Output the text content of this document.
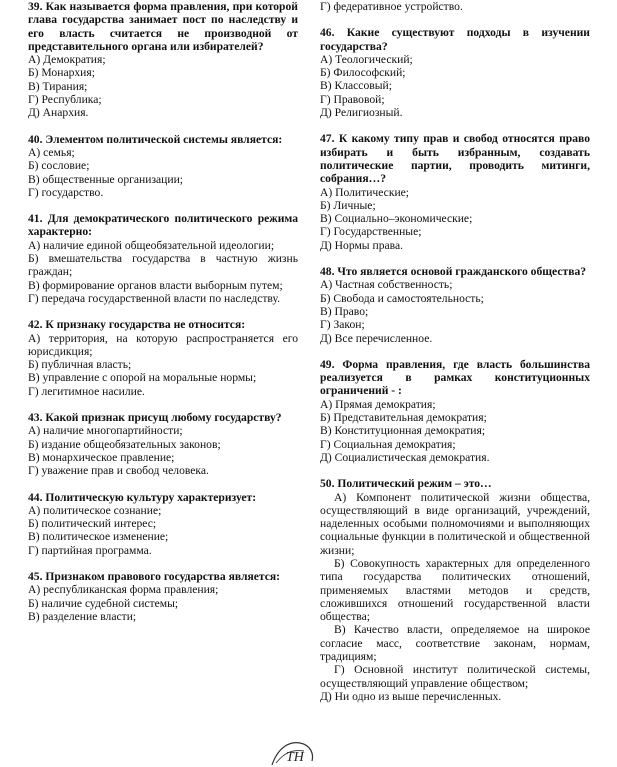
39. Как называется форма правления, при которой глава государства занимает пост по наследству и его власть считается не производной от представительного органа или избирателей?

А) Демократия;

Б) Монархия;

В) Тирания;

Г) Республика;

Д) Анархия.

40. Элементом политической системы является:

А) семья;

Б) сословие;

В) общественные организации;

Г) государство.

41. Для демократического политического режима характерно:

А) наличие единой общеобязательной идеологии;

Б) вмешательства государства в частную жизнь граждан;

В) формирование органов власти выборным путем;

Г) передача государственной власти по наследству.

42. К признаку государства не относится:

А) территория, на которую распространяется его юрисдикция;

Б) публичная власть;

В) управление с опорой на моральные нормы;

Г) легитимное насилие.

43. Какой признак присущ любому государству?

А) наличие многопартийности;

Б) издание общеобязательных законов;

В) монархическое правление;

Г) уважение прав и свобод человека.

44. Политическую культуру характеризует:

А) политическое сознание;

Б) политический интерес;

В) политическое изменение;

Г) партийная программа.

45. Признаком правового государства является:

А) республиканская форма правления;

Б) наличие судебной системы;

В) разделение власти;

Г) федеративное устройство.

46. Какие существуют подходы в изучении государства?

А) Теологический;

Б) Философский;

В) Классовый;

Г) Правовой;

Д) Религиозный.

47. К какому типу прав и свобод относятся право избирать и быть избранным, создавать политические партии, проводить митинги, собрания…?

А) Политические;

Б) Личные;

В) Социально–экономические;

Г) Государственные;

Д) Нормы права.

48. Что является основой гражданского общества?

А) Частная собственность;

Б) Свобода и самостоятельность;

В) Право;

Г) Закон;

Д) Все перечисленное.

49. Форма правления, где власть большинства реализуется в рамках конституционных ограничений - :

А) Прямая демократия;

Б) Представительная демократия;

В) Конституционная демократия;

Г) Социальная демократия;

Д) Социалистическая демократия.

50. Политический режим – это…

А) Компонент политической жизни общества, осуществляющий в виде организаций, учреждений, наделенных особыми полномочиями и выполняющих социальные функции в политической и общественной жизни;

Б) Совокупность характерных для определенного типа государства политических отношений, применяемых властями методов и средств, сложившихся отношений государственной власти общества;

В) Качество власти, определяемое на широкое согласие масс, соответствие законам, нормам, традициям;

Г) Основной институт политической системы, осуществляющий управление обществом;

Д) Ни одно из выше перечисленных.

ТН
